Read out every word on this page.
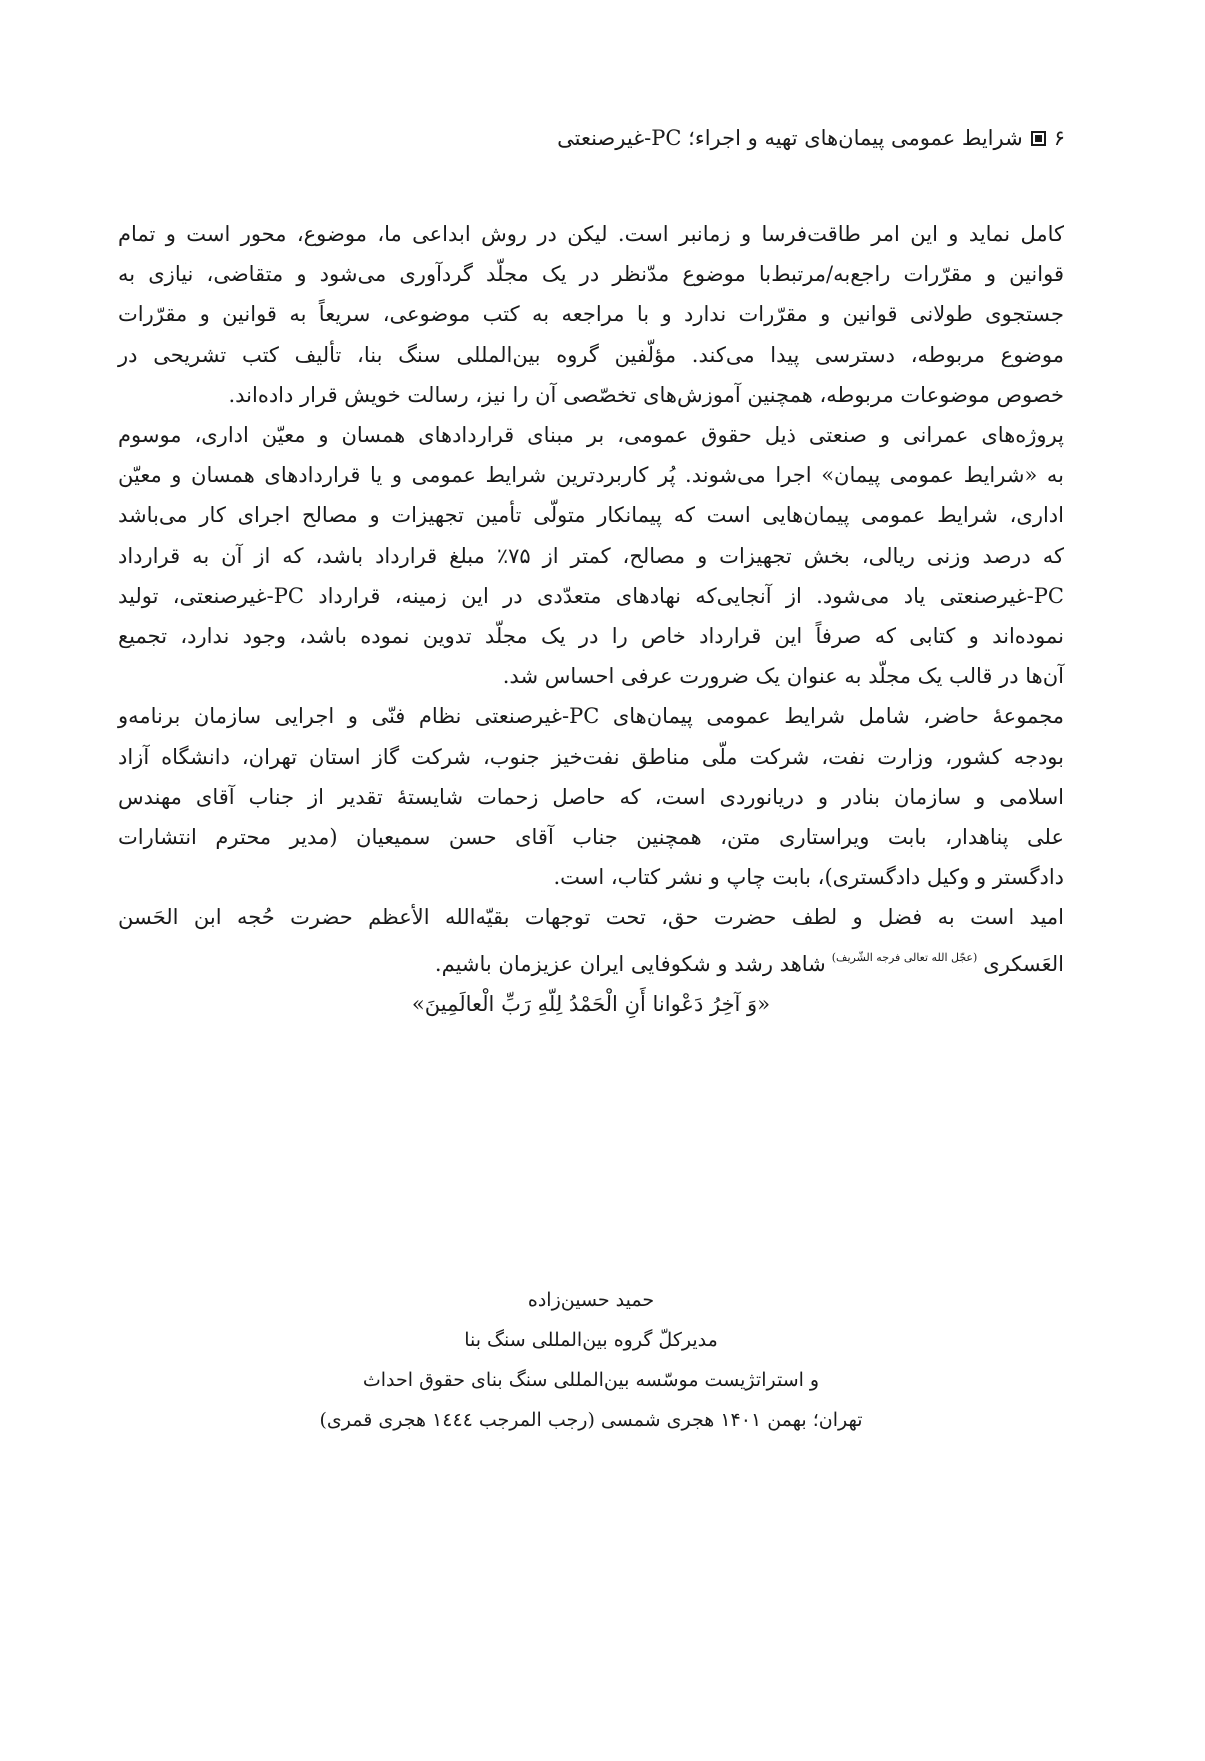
۶شرایط عمومی پیمان‌های تهیه و اجراء؛ PC-غیرصنعتی

کامل نماید و این امر طاقت‌فرسا و زمانبر است. لیکن در روش ابداعی ما، موضوع، محور است و تمام
قوانین و مقرّرات راجع‌به/مرتبط‌با موضوع مدّنظر در یک مجلّد گردآوری می‌شود و متقاضی، نیازی به
جستجوی طولانی قوانین و مقرّرات ندارد و با مراجعه به کتب موضوعی، سریعاً به قوانین و مقرّرات
موضوع مربوطه، دسترسی پیدا می‌کند. مؤلّفین گروه بین‌المللی سنگ بنا، تألیف کتب تشریحی در
خصوص موضوعات مربوطه، همچنین آموزش‌های تخصّصی آن را نیز، رسالت خویش قرار داده‌اند.

پروژه‌های عمرانی و صنعتی ذیل حقوق عمومی، بر مبنای قراردادهای همسان و معیّن اداری، موسوم
به «شرایط عمومی پیمان» اجرا می‌شوند. پُر کاربردترین شرایط عمومی و یا قراردادهای همسان و معیّن
اداری، شرایط عمومی پیمان‌هایی است که پیمانکار متولّی تأمین تجهیزات و مصالح اجرای کار می‌باشد
که درصد وزنی ریالی، بخش تجهیزات و مصالح، کمتر از ۷۵٪ مبلغ قرارداد باشد، که از آن به قرارداد
PC-غیرصنعتی یاد می‌شود. از آنجایی‌که نهادهای متعدّدی در این زمینه، قرارداد PC-غیرصنعتی، تولید
نموده‌اند و کتابی که صرفاً این قرارداد خاص را در یک مجلّد تدوین نموده باشد، وجود ندارد، تجمیع
آن‌ها در قالب یک مجلّد به عنوان یک ضرورت عرفی احساس شد.

مجموعهٔ حاضر، شامل شرایط عمومی پیمان‌های PC-غیرصنعتی نظام فنّی و اجرایی سازمان برنامه‌و
بودجه کشور، وزارت نفت، شرکت ملّی مناطق نفت‌خیز جنوب، شرکت گاز استان تهران، دانشگاه آزاد
اسلامی و سازمان بنادر و دریانوردی است، که حاصل زحمات شایستهٔ تقدیر از جناب آقای مهندس
علی پناهدار، بابت ویراستاری متن، همچنین جناب آقای حسن سمیعیان (مدیر محترم انتشارات
دادگستر و وکیل دادگستری)، بابت چاپ و نشر کتاب، است.

امید است به فضل و لطف حضرت حق، تحت توجهات بقیّه‌الله الأعظم حضرت حُجه ابن الحَسن
العَسکری$^{(عجّل الله تعالی فرجه الشّریف)}$شاهد رشد و شکوفایی ایران عزیزمان باشیم.
«وَ آخِرُ دَعْوانا أَنِ الْحَمْدُ لِلّهِ رَبِّ الْعالَمِینَ»

حمید حسین‌زاده
مدیرکلّ گروه بین‌المللی سنگ بنا
و استراتژیست موسّسه بین‌المللی سنگ بنای حقوق احداث
تهران؛ بهمن ۱۴۰۱ هجری شمسی (رجب المرجب ۱٤٤٤ هجری قمری)
